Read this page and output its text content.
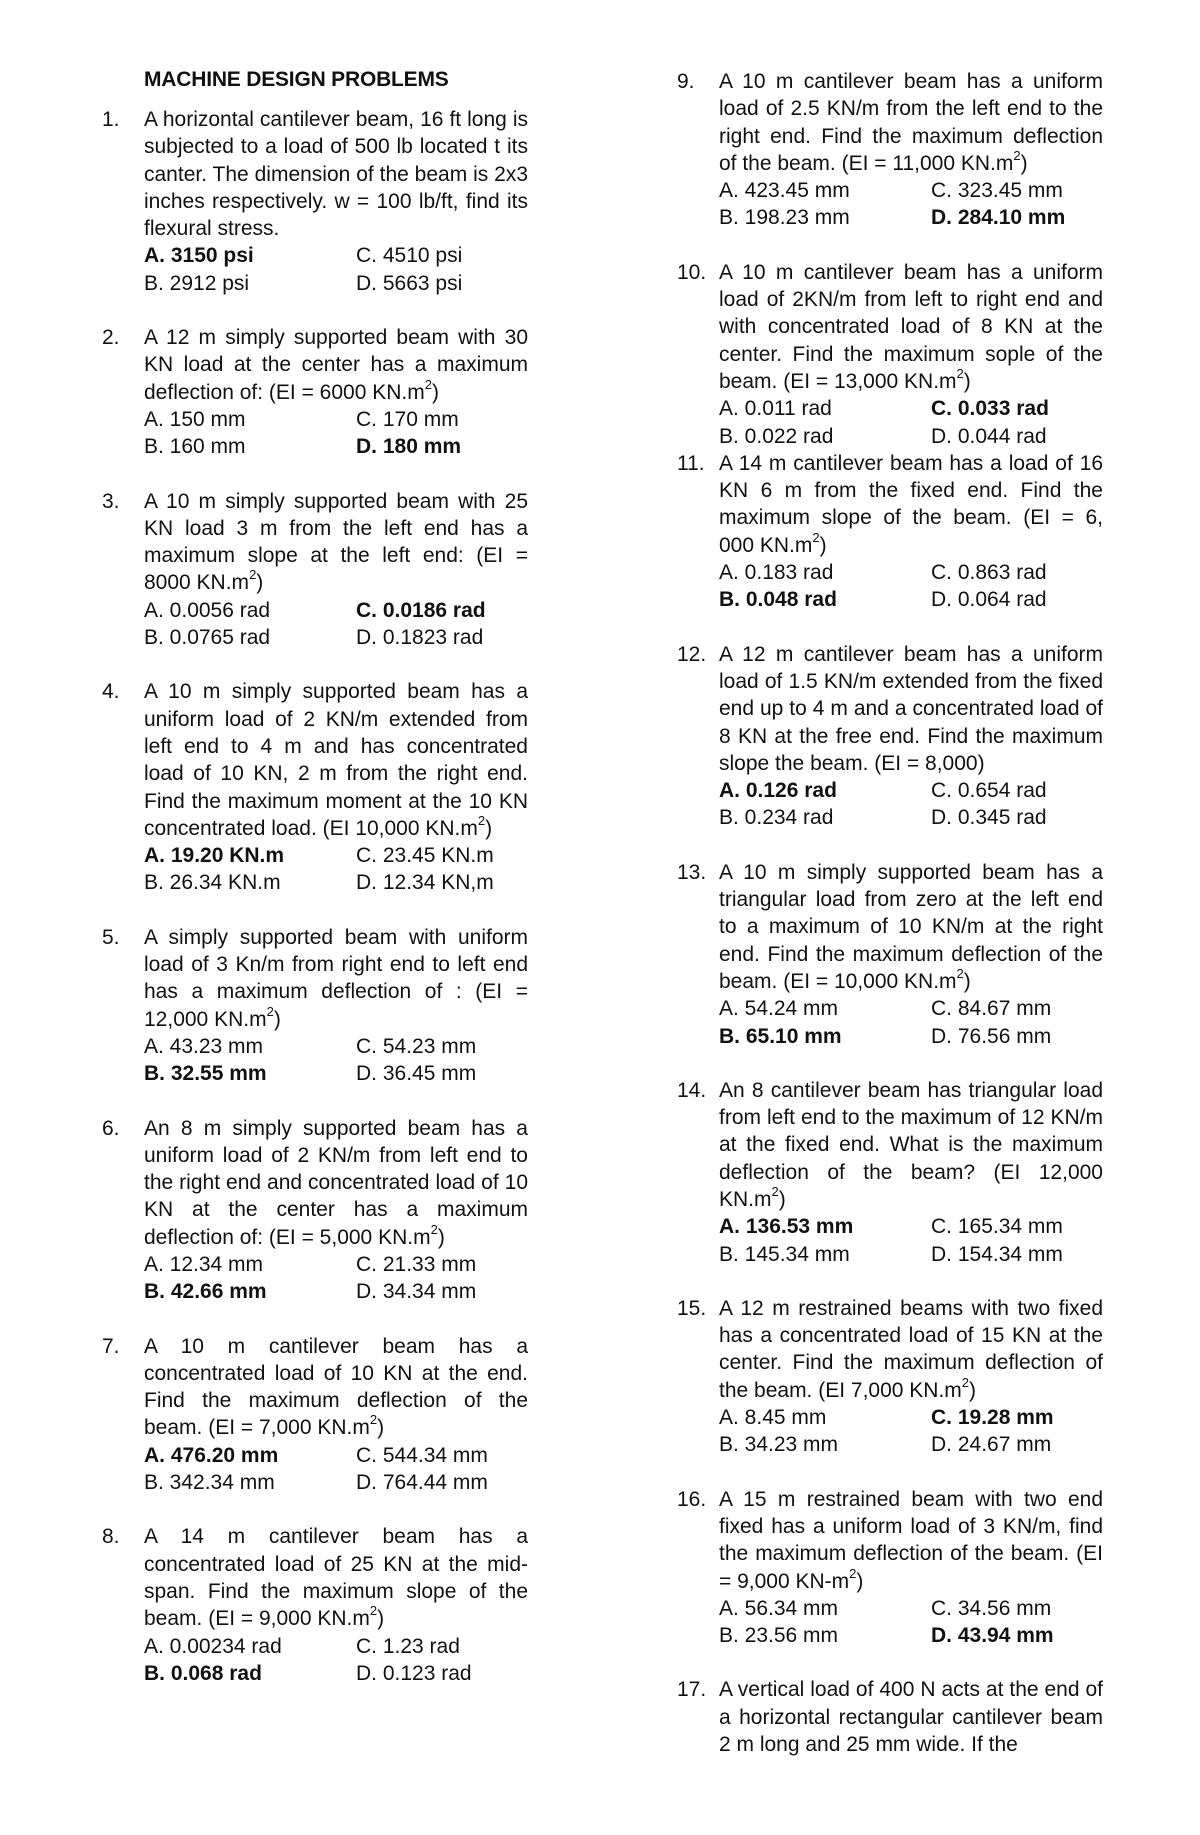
MACHINE DESIGN PROBLEMS
1. A horizontal cantilever beam, 16 ft long is subjected to a load of 500 lb located t its canter. The dimension of the beam is 2x3 inches respectively. w = 100 lb/ft, find its flexural stress.
A. 3150 psi	C. 4510 psi
B. 2912 psi	D. 5663 psi
2. A 12 m simply supported beam with 30 KN load at the center has a maximum deflection of: (EI = 6000 $KN.m^2$)
A. 150 mm	C. 170 mm
B. 160 mm	D. 180 mm
3. A 10 m simply supported beam with 25 KN load 3 m from the left end has a maximum slope at the left end: (EI = 8000 $KN.m^2$)
A. 0.0056 rad	C. 0.0186 rad
B. 0.0765 rad	D. 0.1823 rad
4. A 10 m simply supported beam has a uniform load of 2 KN/m extended from left end to 4 m and has concentrated load of 10 KN, 2 m from the right end. Find the maximum moment at the 10 KN concentrated load. (EI 10,000 $KN.m^2$)
A. 19.20 KN.m	C. 23.45 KN.m
B. 26.34 KN.m	D. 12.34 KN,m
5. A simply supported beam with uniform load of 3 Kn/m from right end to left end has a maximum deflection of : (EI = 12,000 $KN.m^2$)
A. 43.23 mm	C. 54.23 mm
B. 32.55 mm	D. 36.45 mm
6. An 8 m simply supported beam has a uniform load of 2 KN/m from left end to the right end and concentrated load of 10 KN at the center has a maximum deflection of: (EI = 5,000 $KN.m^2$)
A. 12.34 mm	C. 21.33 mm
B. 42.66 mm	D. 34.34 mm
7. A 10 m cantilever beam has a concentrated load of 10 KN at the end. Find the maximum deflection of the beam. (EI = 7,000 $KN.m^2$)
A. 476.20 mm	C. 544.34 mm
B. 342.34 mm	D. 764.44 mm
8. A 14 m cantilever beam has a concentrated load of 25 KN at the mid-span. Find the maximum slope of the beam. (EI = 9,000 $KN.m^2$)
A. 0.00234 rad	C. 1.23 rad
B. 0.068 rad	D. 0.123 rad
9. A 10 m cantilever beam has a uniform load of 2.5 KN/m from the left end to the right end. Find the maximum deflection of the beam. (EI = 11,000 $KN.m^2$)
A. 423.45 mm	C. 323.45 mm
B. 198.23 mm	D. 284.10 mm
10. A 10 m cantilever beam has a uniform load of 2KN/m from left to right end and with concentrated load of 8 KN at the center. Find the maximum sople of the beam. (EI = 13,000 $KN.m^2$)
A. 0.011 rad	C. 0.033 rad
B. 0.022 rad	D. 0.044 rad
11. A 14 m cantilever beam has a load of 16 KN 6 m from the fixed end. Find the maximum slope of the beam. (EI = 6, 000 $KN.m^2$)
A. 0.183 rad	C. 0.863 rad
B. 0.048 rad	D. 0.064 rad
12. A 12 m cantilever beam has a uniform load of 1.5 KN/m extended from the fixed end up to 4 m and a concentrated load of 8 KN at the free end. Find the maximum slope the beam. (EI = 8,000)
A. 0.126 rad	C. 0.654 rad
B. 0.234 rad	D. 0.345 rad
13. A 10 m simply supported beam has a triangular load from zero at the left end to a maximum of 10 KN/m at the right end. Find the maximum deflection of the beam. (EI = 10,000 $KN.m^2$)
A. 54.24 mm	C. 84.67 mm
B. 65.10 mm	D. 76.56 mm
14. An 8 cantilever beam has triangular load from left end to the maximum of 12 KN/m at the fixed end. What is the maximum deflection of the beam? (EI 12,000 $KN.m^2$)
A. 136.53 mm	C. 165.34 mm
B. 145.34 mm	D. 154.34 mm
15. A 12 m restrained beams with two fixed has a concentrated load of 15 KN at the center. Find the maximum deflection of the beam. (EI 7,000 $KN.m^2$)
A. 8.45 mm	C. 19.28 mm
B. 34.23 mm	D. 24.67 mm
16. A 15 m restrained beam with two end fixed has a uniform load of 3 KN/m, find the maximum deflection of the beam. (EI = 9,000 $KN-m^2$)
A. 56.34 mm	C. 34.56 mm
B. 23.56 mm	D. 43.94 mm
17. A vertical load of 400 N acts at the end of a horizontal rectangular cantilever beam 2 m long and 25 mm wide. If the
